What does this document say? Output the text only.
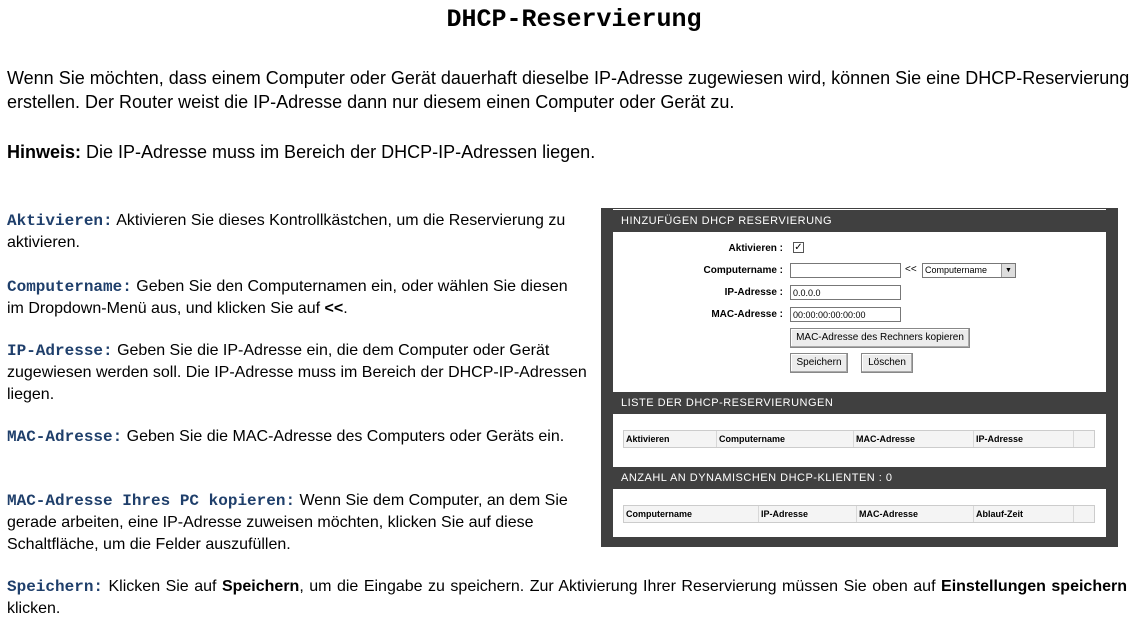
DHCP-Reservierung

Wenn Sie möchten, dass einem Computer oder Gerät dauerhaft dieselbe IP-Adresse zugewiesen wird, können Sie eine DHCP-Reservierung erstellen. Der Router weist die IP-Adresse dann nur diesem einen Computer oder Gerät zu.

Hinweis: Die IP-Adresse muss im Bereich der DHCP-IP-Adressen liegen.

Aktivieren: Aktivieren Sie dieses Kontrollkästchen, um die Reservierung zu aktivieren.

Computername: Geben Sie den Computernamen ein, oder wählen Sie diesen im Dropdown-Menü aus, und klicken Sie auf <<.

IP-Adresse: Geben Sie die IP-Adresse ein, die dem Computer oder Gerät zugewiesen werden soll. Die IP-Adresse muss im Bereich der DHCP-IP-Adressen liegen.

MAC-Adresse: Geben Sie die MAC-Adresse des Computers oder Geräts ein.

MAC-Adresse Ihres PC kopieren: Wenn Sie dem Computer, an dem Sie gerade arbeiten, eine IP-Adresse zuweisen möchten, klicken Sie auf diese Schaltfläche, um die Felder auszufüllen.

Speichern: Klicken Sie auf Speichern, um die Eingabe zu speichern. Zur Aktivierung Ihrer Reservierung müssen Sie oben auf Einstellungen speichern klicken.

HINZUFÜGEN DHCP RESERVIERUNG
Aktivieren : ✓
Computername :	<< Computername	▼
IP-Adresse :	0.0.0.0
MAC-Adresse :	00:00:00:00:00:00
MAC-Adresse des Rechners kopieren
Speichern	Löschen
LISTE DER DHCP-RESERVIERUNGEN
Aktivieren	Computername	MAC-Adresse	IP-Adresse
ANZAHL AN DYNAMISCHEN DHCP-KLIENTEN : 0
Computername	IP-Adresse	MAC-Adresse	Ablauf-Zeit
